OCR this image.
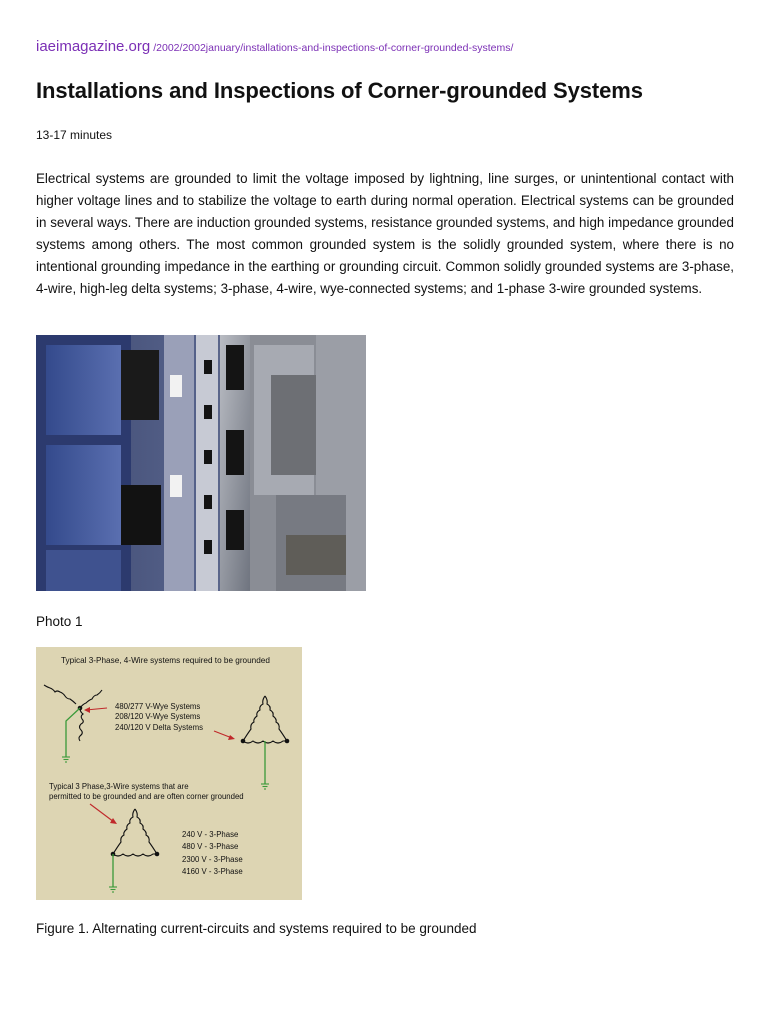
iaeimagazine.org /2002/2002january/installations-and-inspections-of-corner-grounded-systems/
Installations and Inspections of Corner-grounded Systems
13-17 minutes

Electrical systems are grounded to limit the voltage imposed by lightning, line surges, or unintentional contact with higher voltage lines and to stabilize the voltage to earth during normal operation. Electrical systems can be grounded in several ways. There are induction grounded systems, resistance grounded systems, and high impedance grounded systems among others. The most common grounded system is the solidly grounded system, where there is no intentional grounding impedance in the earthing or grounding circuit. Common solidly grounded systems are 3-phase, 4-wire, high-leg delta systems; 3-phase, 4-wire, wye-connected systems; and 1-phase 3-wire grounded systems.

Photo 1
Typical 3-Phase, 4-Wire systems required to be grounded
480/277 V-Wye Systems
208/120 V-Wye Systems
240/120 V Delta Systems
Typical 3 Phase,3-Wire systems that are
permitted to be grounded and are often corner grounded
240 V - 3-Phase
480 V - 3-Phase
2300 V - 3-Phase
4160 V - 3-Phase
Figure 1. Alternating current-circuits and systems required to be grounded
